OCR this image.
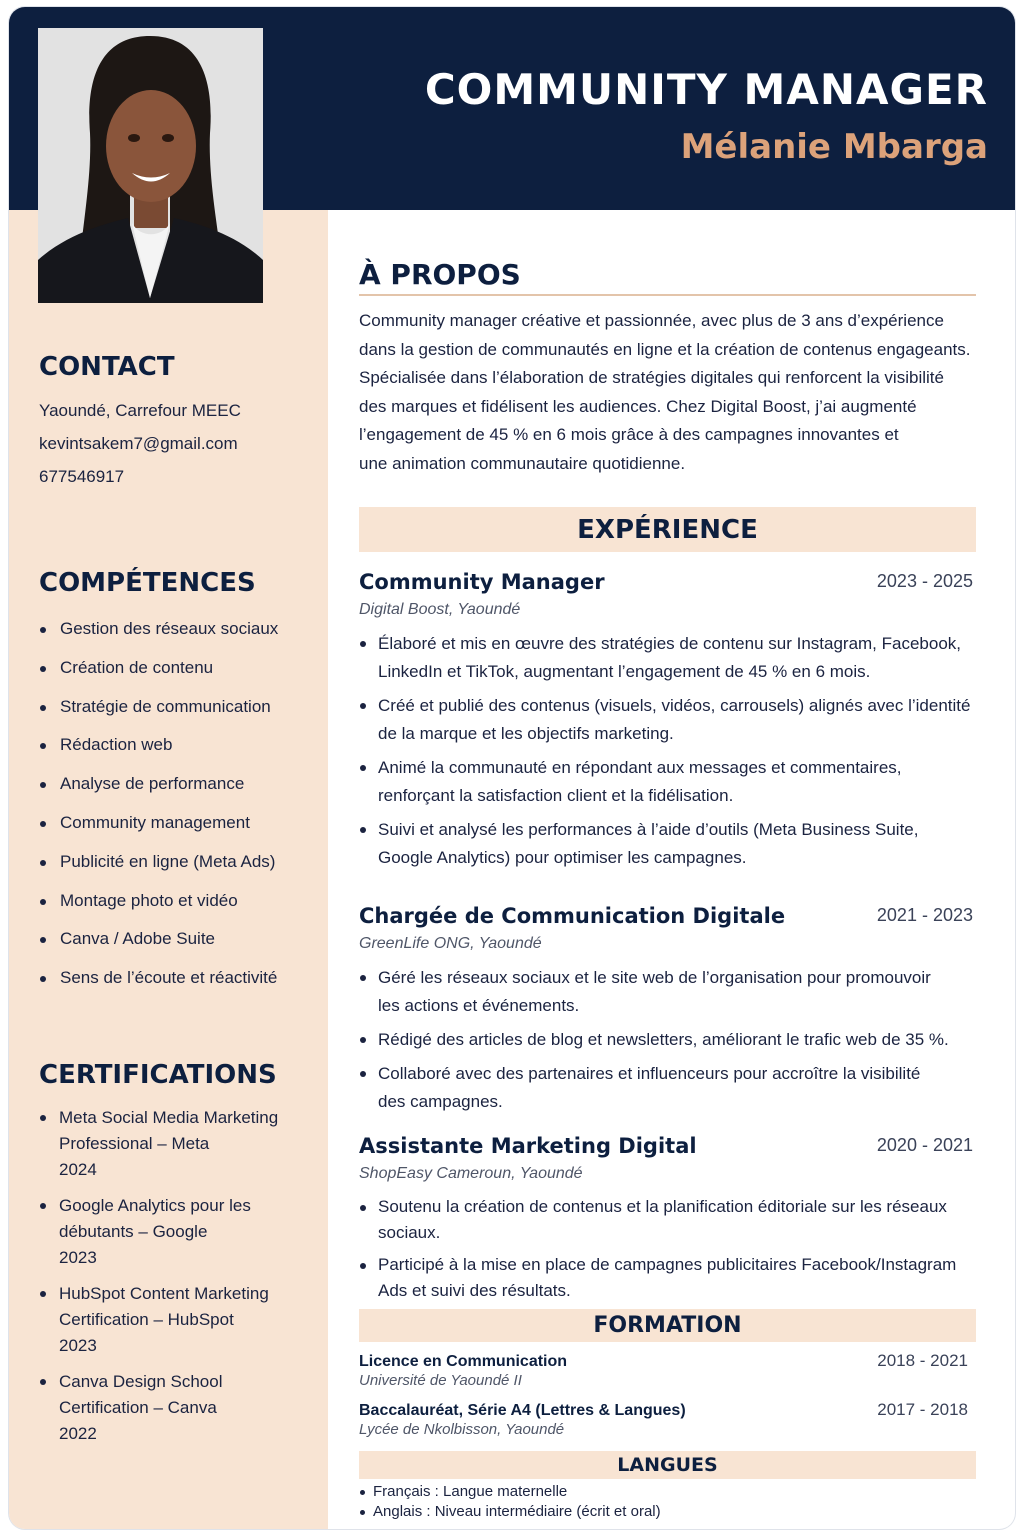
COMMUNITY MANAGER
Mélanie Mbarga
CONTACT
Yaoundé, Carrefour MEEC
kevintsakem7@gmail.com
677546917
COMPÉTENCES
Gestion des réseaux sociaux
Création de contenu
Stratégie de communication
Rédaction web
Analyse de performance
Community management
Publicité en ligne (Meta Ads)
Montage photo et vidéo
Canva / Adobe Suite
Sens de l’écoute et réactivité
CERTIFICATIONS
Meta Social Media Marketing
Professional – Meta
2024
Google Analytics pour les
débutants – Google
2023
HubSpot Content Marketing
Certification – HubSpot
2023
Canva Design School
Certification – Canva
2022
À PROPOS
Community manager créative et passionnée, avec plus de 3 ans d’expérience
dans la gestion de communautés en ligne et la création de contenus engageants.
Spécialisée dans l’élaboration de stratégies digitales qui renforcent la visibilité
des marques et fidélisent les audiences. Chez Digital Boost, j’ai augmenté
l’engagement de 45 % en 6 mois grâce à des campagnes innovantes et
une animation communautaire quotidienne.
EXPÉRIENCE
Community Manager	2023 - 2025
Digital Boost, Yaoundé
Élaboré et mis en œuvre des stratégies de contenu sur Instagram, Facebook,
LinkedIn et TikTok, augmentant l’engagement de 45 % en 6 mois.
Créé et publié des contenus (visuels, vidéos, carrousels) alignés avec l’identité
de la marque et les objectifs marketing.
Animé la communauté en répondant aux messages et commentaires,
renforçant la satisfaction client et la fidélisation.
Suivi et analysé les performances à l’aide d’outils (Meta Business Suite,
Google Analytics) pour optimiser les campagnes.
Chargée de Communication Digitale	2021 - 2023
GreenLife ONG, Yaoundé
Géré les réseaux sociaux et le site web de l’organisation pour promouvoir
les actions et événements.
Rédigé des articles de blog et newsletters, améliorant le trafic web de 35 %.
Collaboré avec des partenaires et influenceurs pour accroître la visibilité
des campagnes.
Assistante Marketing Digital	2020 - 2021
ShopEasy Cameroun, Yaoundé
Soutenu la création de contenus et la planification éditoriale sur les réseaux
sociaux.
Participé à la mise en place de campagnes publicitaires Facebook/Instagram
Ads et suivi des résultats.
FORMATION
Licence en Communication	2018 - 2021
Université de Yaoundé II
Baccalauréat, Série A4 (Lettres & Langues)	2017 - 2018
Lycée de Nkolbisson, Yaoundé
LANGUES
Français : Langue maternelle
Anglais : Niveau intermédiaire (écrit et oral)
